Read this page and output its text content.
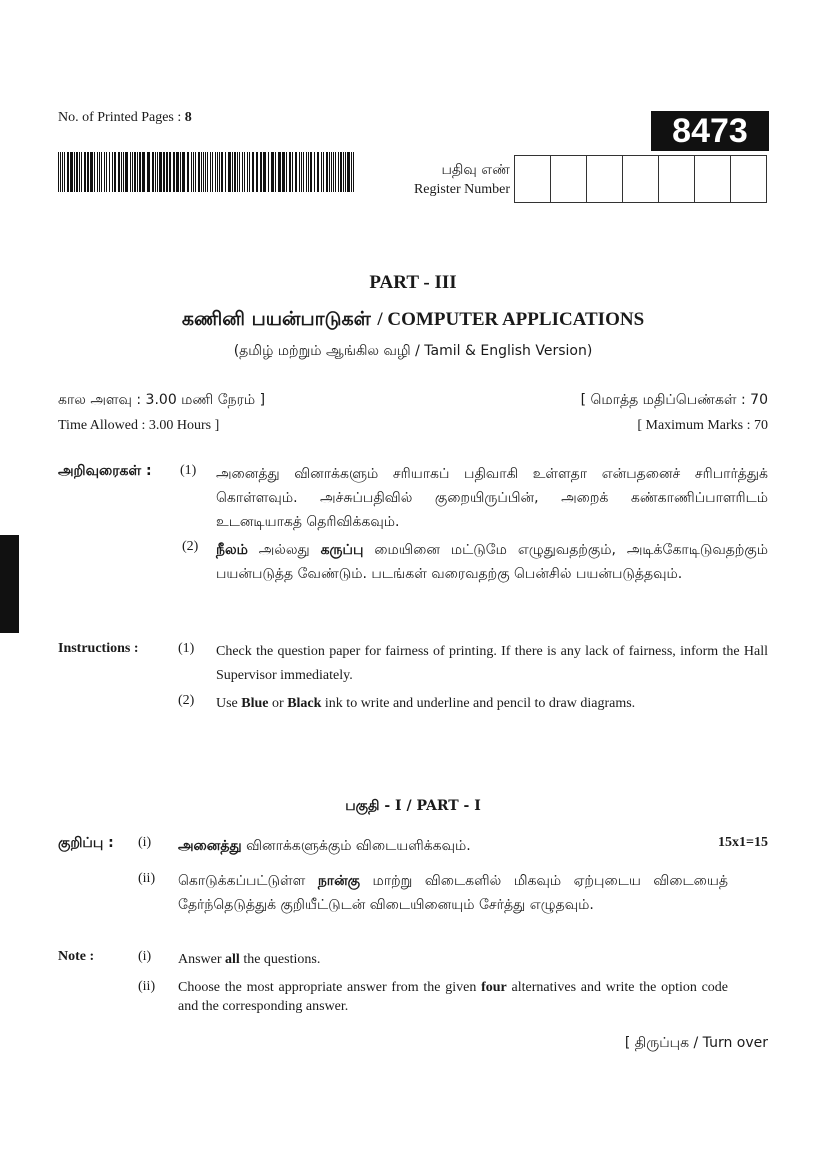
No. of Printed Pages : 8	8473
பதிவு எண்
Register Number
PART - III
கணினி பயன்பாடுகள் / COMPUTER APPLICATIONS
(தமிழ் மற்றும் ஆங்கில வழி / Tamil & English Version)
கால அளவு : 3.00 மணி நேரம் ]
Time Allowed : 3.00 Hours ]
[ மொத்த மதிப்பெண்கள் : 70
[ Maximum Marks : 70
அறிவுரைகள் : (1) அனைத்து வினாக்களும் சரியாகப் பதிவாகி உள்ளதா என்பதனைச் சரிபார்த்துக் கொள்ளவும். அச்சுப்பதிவில் குறையிருப்பின், அறைக் கண்காணிப்பாளரிடம் உடனடியாகத் தெரிவிக்கவும்.
(2) நீலம் அல்லது கருப்பு மையினை மட்டுமே எழுதுவதற்கும், அடிக்கோடிடுவதற்கும் பயன்படுத்த வேண்டும். படங்கள் வரைவதற்கு பென்சில் பயன்படுத்தவும்.
Instructions :	(1) Check the question paper for fairness of printing. If there is any lack of fairness, inform the Hall Supervisor immediately.
(2) Use Blue or Black ink to write and underline and pencil to draw diagrams.
பகுதி - I / PART - I
குறிப்பு : (i) அனைத்து வினாக்களுக்கும் விடையளிக்கவும்.	15x1=15
(ii) கொடுக்கப்பட்டுள்ள நான்கு மாற்று விடைகளில் மிகவும் ஏற்புடைய விடையைத் தேர்ந்தெடுத்துக் குறியீட்டுடன் விடையினையும் சேர்த்து எழுதவும்.
Note :	(i) Answer all the questions.
(ii) Choose the most appropriate answer from the given four alternatives and write the option code and the corresponding answer.
[ திருப்புக / Turn over
